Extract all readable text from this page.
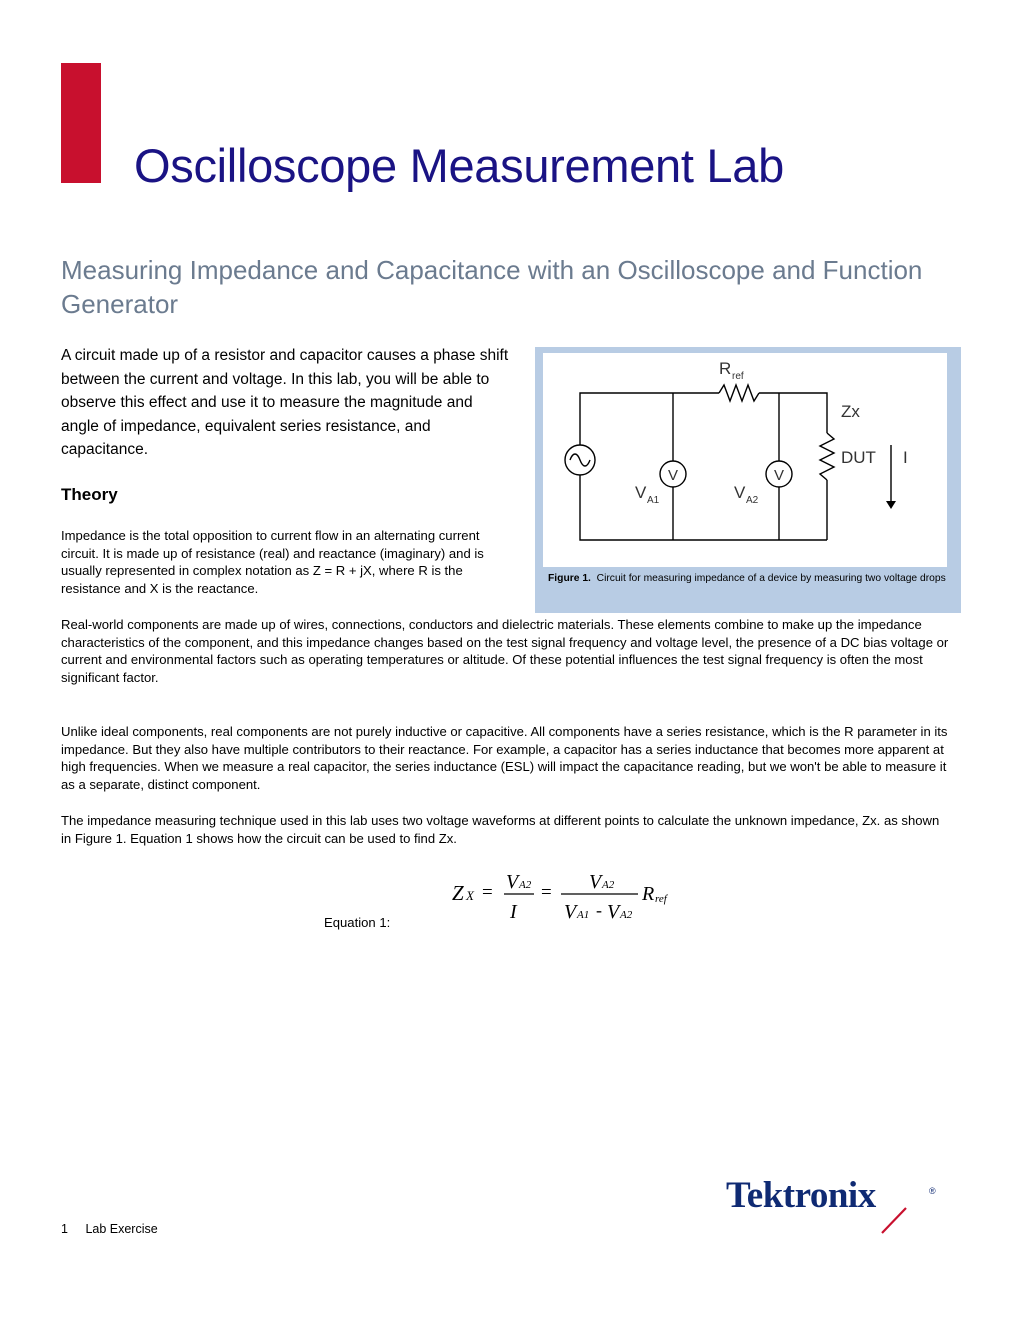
Oscilloscope Measurement Lab
Measuring Impedance and Capacitance with an Oscilloscope and Function Generator

A circuit made up of a resistor and capacitor causes a phase shift between the current and voltage. In this lab, you will be able to observe this effect and use it to measure the magnitude and angle of impedance, equivalent series resistance, and capacitance.

Theory

Impedance is the total opposition to current flow in an alternating current circuit. It is made up of resistance (real) and reactance (imaginary) and is usually represented in complex notation as Z = R + jX, where R is the resistance and X is the reactance.

Real-world components are made up of wires, connections, conductors and dielectric materials. These elements combine to make up the impedance characteristics of the component, and this impedance changes based on the test signal frequency and voltage level, the presence of a DC bias voltage or current and environmental factors such as operating temperatures or altitude. Of these potential influences the test signal frequency is often the most significant factor.

Unlike ideal components, real components are not purely inductive or capacitive. All components have a series resistance, which is the R parameter in its impedance. But they also have multiple contributors to their reactance. For example, a capacitor has a series inductance that becomes more apparent at high frequencies. When we measure a real capacitor, the series inductance (ESL) will impact the capacitance reading, but we won't be able to measure it as a separate, distinct component.

The impedance measuring technique used in this lab uses two voltage waveforms at different points to calculate the unknown impedance, Zx. as shown in Figure 1. Equation 1 shows how the circuit can be used to find Zx.

R ref
Zx
DUT I
V	V
V A1	V A2

Figure 1. Circuit for measuring impedance of a device by measuring two voltage drops

Z X = V A2
I
= V A2
V A1 - V A2
R ref

Equation 1:

1 Lab Exercise
Tektronix	®
